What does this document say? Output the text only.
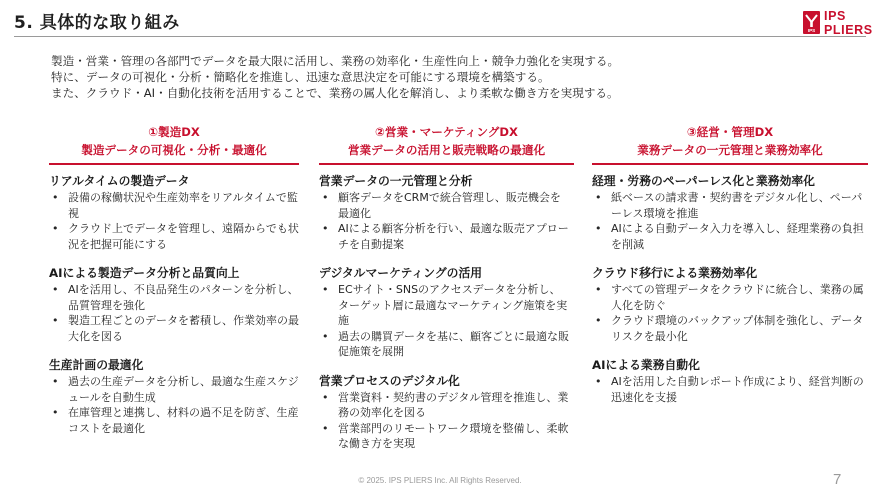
5. 具体的な取り組み	IPS
IPS
PLIERS

製造・営業・管理の各部門でデータを最大限に活用し、業務の効率化・生産性向上・競争力強化を実現する。

特に、データの可視化・分析・簡略化を推進し、迅速な意思決定を可能にする環境を構築する。

また、クラウド・AI・自動化技術を活用することで、業務の属人化を解消し、より柔軟な働き方を実現する。

①製造DX
製造データの可視化・分析・最適化
リアルタイムの製造データ
• 設備の稼働状況や生産効率をリアルタイムで監視
• クラウド上でデータを管理し、遠隔からでも状況を把握可能にする
AIによる製造データ分析と品質向上
• AIを活用し、不良品発生のパターンを分析し、品質管理を強化
• 製造工程ごとのデータを蓄積し、作業効率の最大化を図る
生産計画の最適化
• 過去の生産データを分析し、最適な生産スケジュールを自動生成
• 在庫管理と連携し、材料の過不足を防ぎ、生産コストを最適化
②営業・マーケティングDX
営業データの活用と販売戦略の最適化
営業データの一元管理と分析
• 顧客データをCRMで統合管理し、販売機会を最適化
• AIによる顧客分析を行い、最適な販売アプローチを自動提案
デジタルマーケティングの活用
• ECサイト・SNSのアクセスデータを分析し、ターゲット層に最適なマーケティング施策を実施
• 過去の購買データを基に、顧客ごとに最適な販促施策を展開
営業プロセスのデジタル化
• 営業資料・契約書のデジタル管理を推進し、業務の効率化を図る
• 営業部門のリモートワーク環境を整備し、柔軟な働き方を実現
③経営・管理DX
業務データの一元管理と業務効率化
経理・労務のペーパーレス化と業務効率化
• 紙ベースの請求書・契約書をデジタル化し、ペーパーレス環境を推進
• AIによる自動データ入力を導入し、経理業務の負担を削減
クラウド移行による業務効率化
• すべての管理データをクラウドに統合し、業務の属人化を防ぐ
• クラウド環境のバックアップ体制を強化し、データリスクを最小化
AIによる業務自動化
• AIを活用した自動レポート作成により、経営判断の迅速化を支援
© 2025. IPS PLIERS Inc. All Rights Reserved.	7
